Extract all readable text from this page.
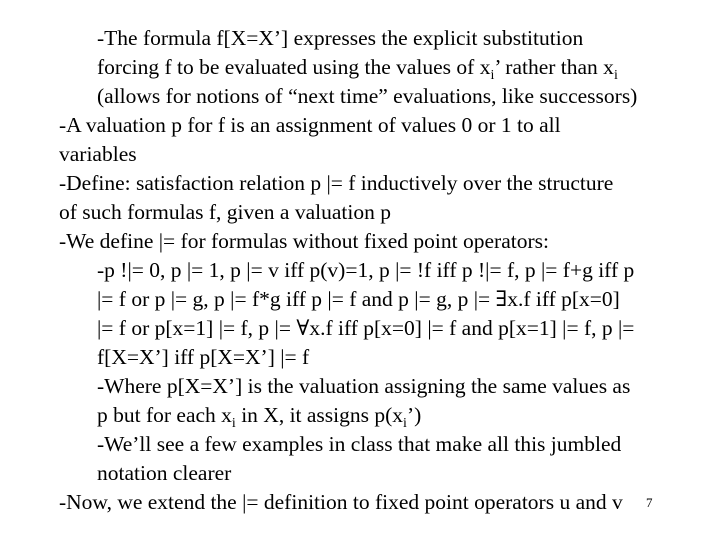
-The formula f[X=X’] expresses the explicit substitution
forcing f to be evaluated using the values of $x_i$’ rather than $x_i$
(allows for notions of “next time” evaluations, like successors)
-A valuation p for f is an assignment of values 0 or 1 to all
variables
-Define: satisfaction relation p |= f inductively over the structure
of such formulas f, given a valuation p
-We define |= for formulas without fixed point operators:
-p !|= 0, p |= 1, p |= v iff p(v)=1, p |= !f iff p !|= f, p |= f+g iff p
|= f or p |= g, p |= f*g iff p |= f and p |= g, p |= ∃x.f iff p[x=0]
|= f or p[x=1] |= f, p |= ∀x.f iff p[x=0] |= f and p[x=1] |= f, p |=
f[X=X’] iff p[X=X’] |= f
-Where p[X=X’] is the valuation assigning the same values as
p but for each $x_i$ in X, it assigns $p(x_i’)$
-We’ll see a few examples in class that make all this jumbled
notation clearer
-Now, we extend the |= definition to fixed point operators u and v 7
